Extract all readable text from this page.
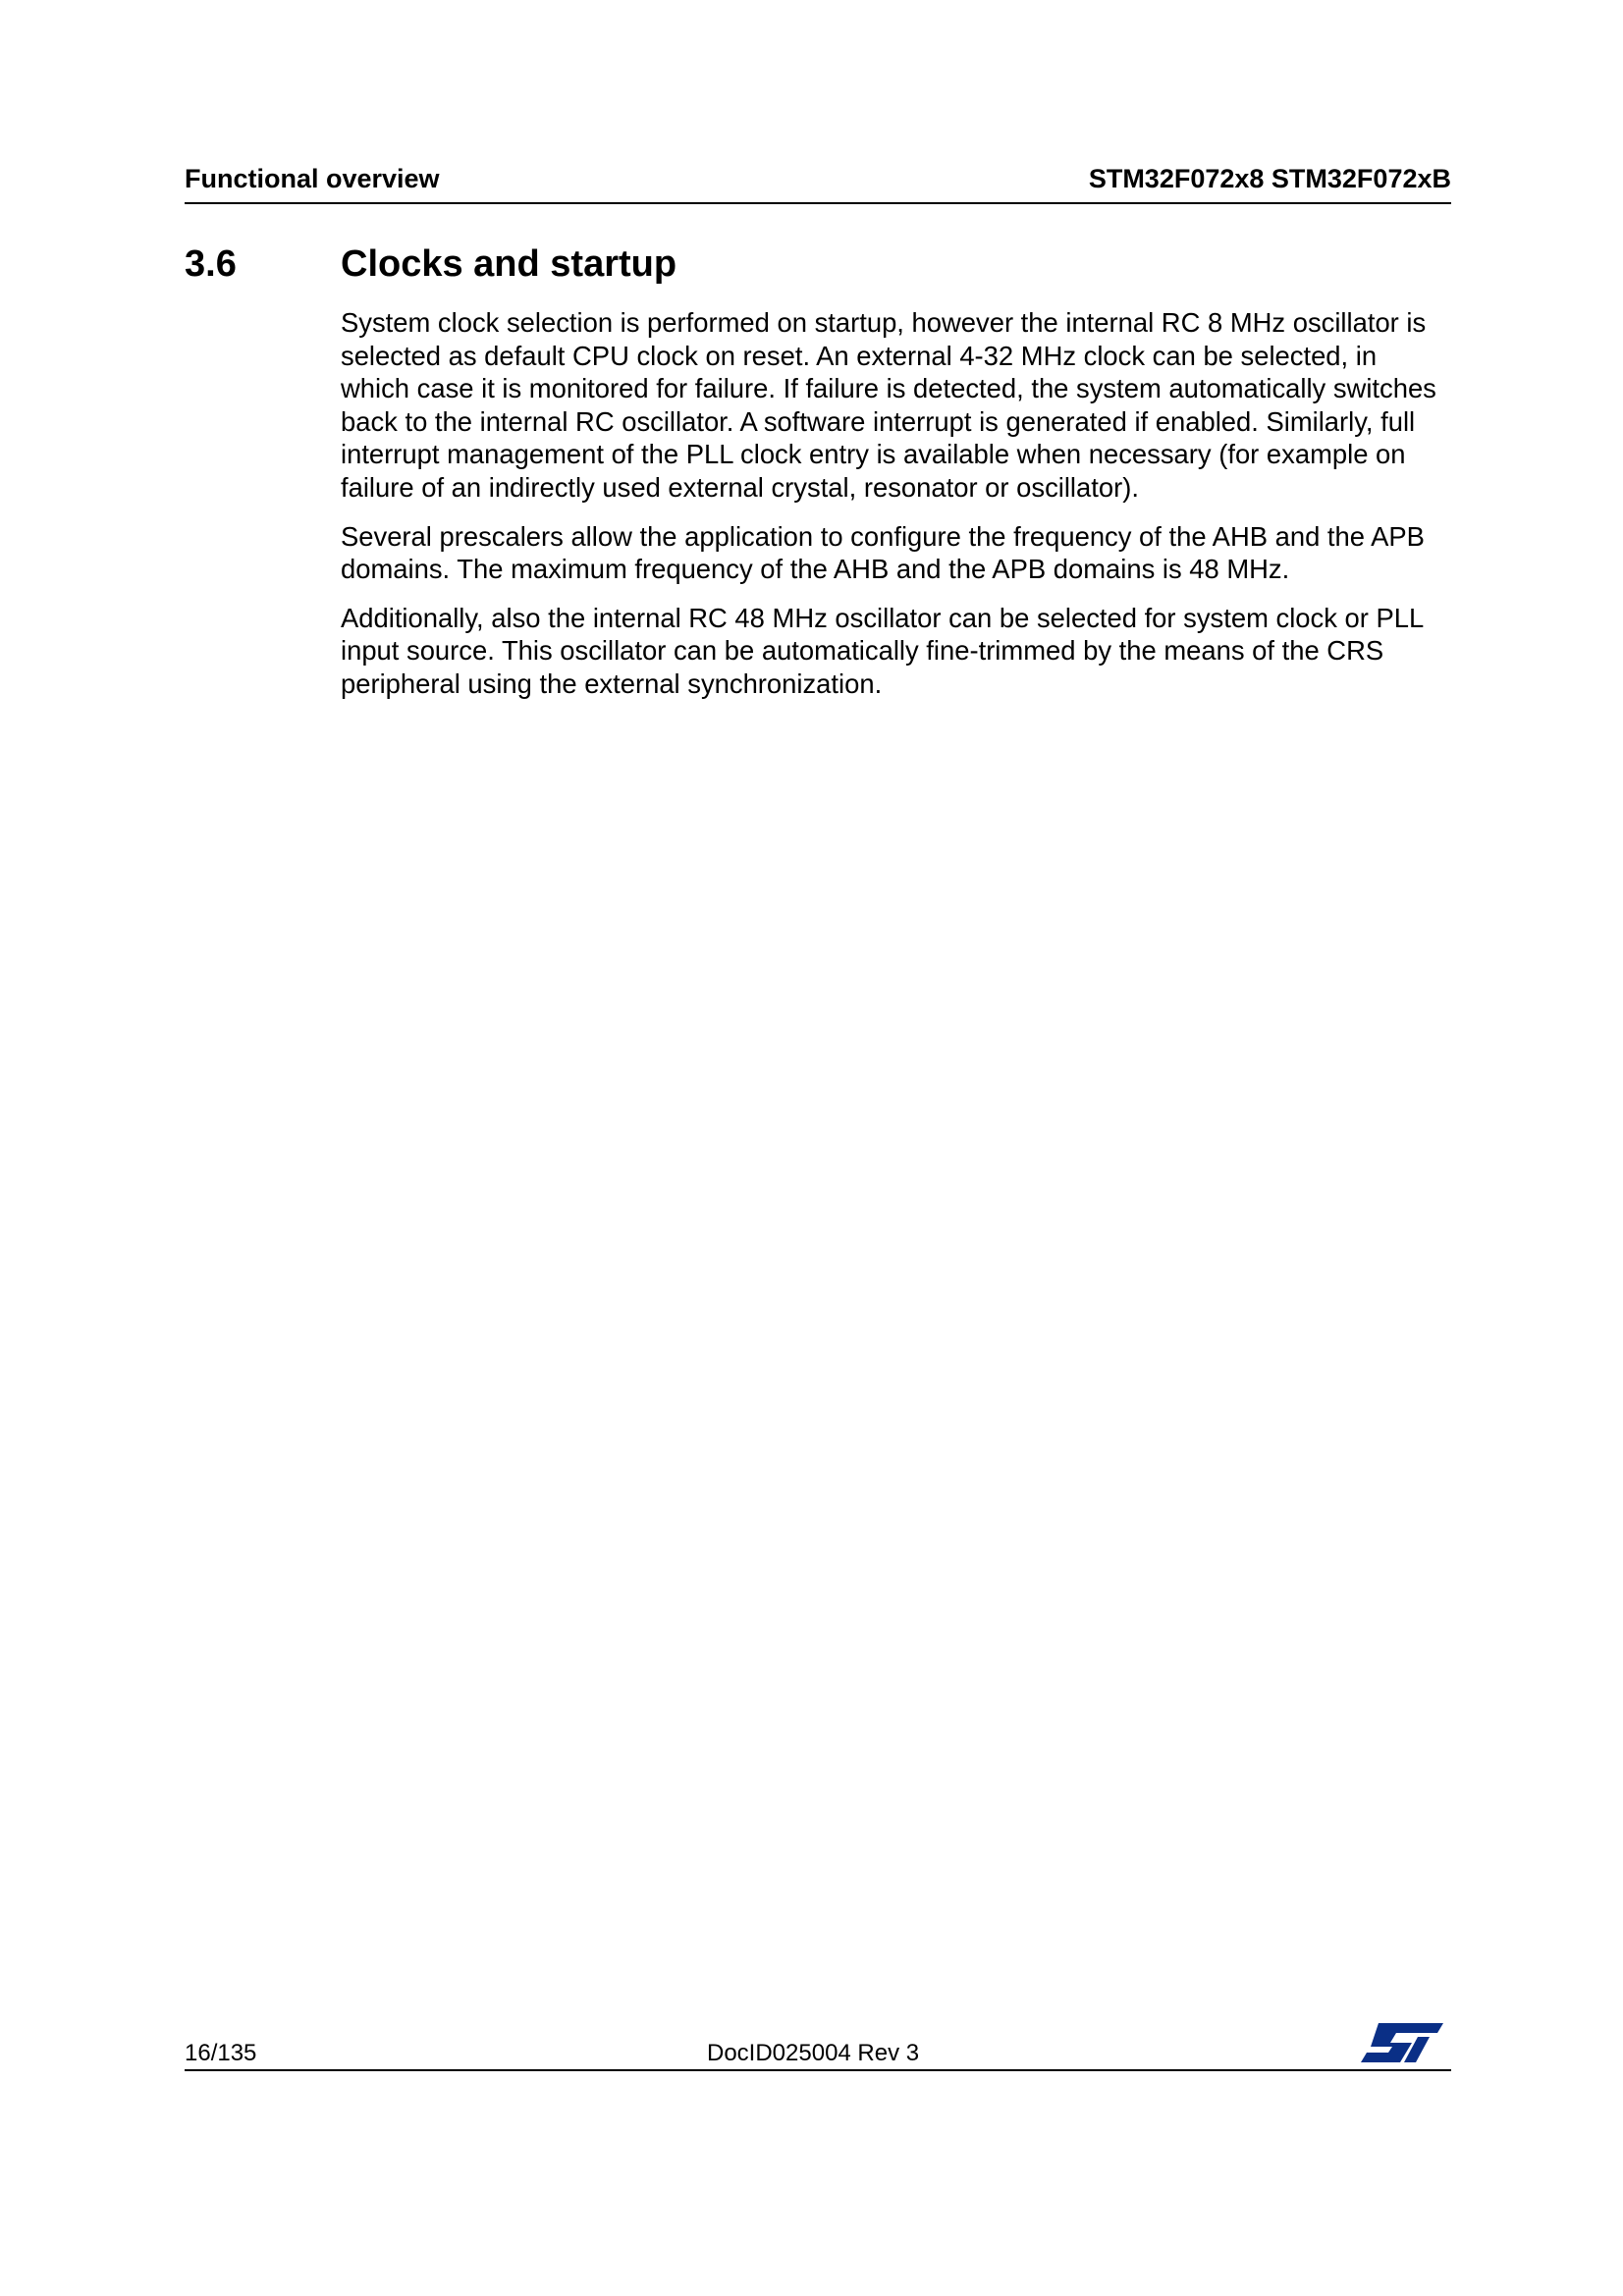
Functional overview	STM32F072x8 STM32F072xB
3.6	Clocks and startup

System clock selection is performed on startup, however the internal RC 8 MHz oscillator is selected as default CPU clock on reset. An external 4-32 MHz clock can be selected, in which case it is monitored for failure. If failure is detected, the system automatically switches back to the internal RC oscillator. A software interrupt is generated if enabled. Similarly, full interrupt management of the PLL clock entry is available when necessary (for example on failure of an indirectly used external crystal, resonator or oscillator).

Several prescalers allow the application to configure the frequency of the AHB and the APB domains. The maximum frequency of the AHB and the APB domains is 48 MHz.

Additionally, also the internal RC 48 MHz oscillator can be selected for system clock or PLL input source. This oscillator can be automatically fine-trimmed by the means of the CRS peripheral using the external synchronization.

16/135	DocID025004 Rev 3
